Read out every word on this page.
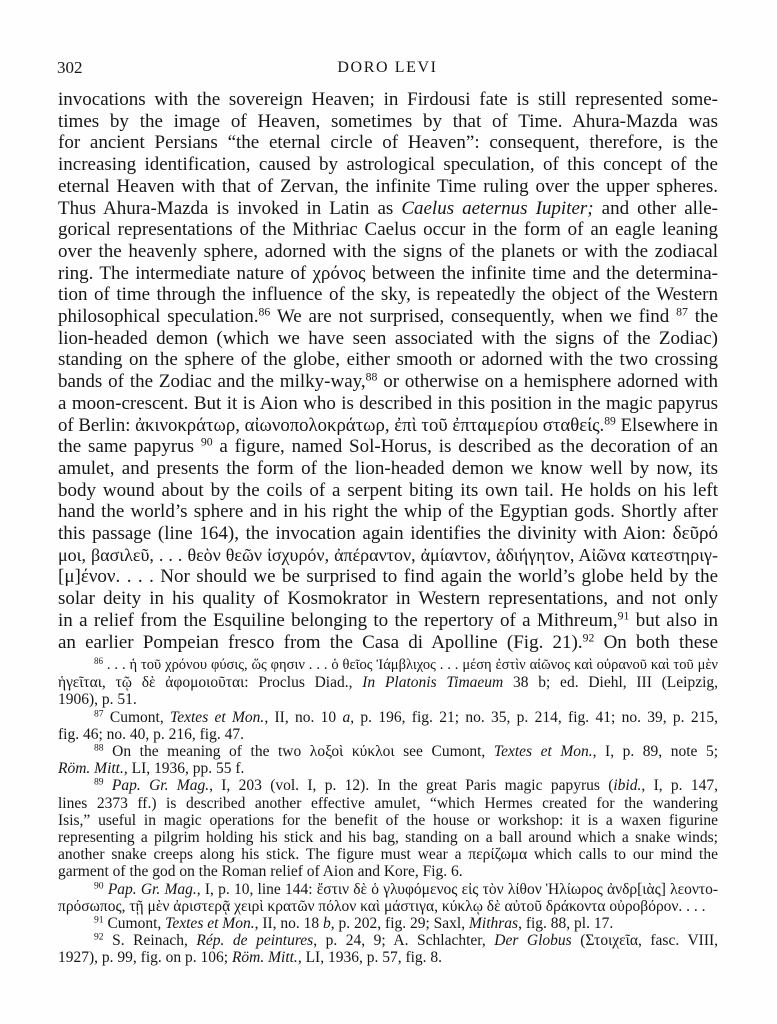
302	DORO LEVI
invocations with the sovereign Heaven; in Firdousi fate is still represented some-
times by the image of Heaven, sometimes by that of Time. Ahura-Mazda was
for ancient Persians “the eternal circle of Heaven”: consequent, therefore, is the
increasing identification, caused by astrological speculation, of this concept of the
eternal Heaven with that of Zervan, the infinite Time ruling over the upper spheres.
Thus Ahura-Mazda is invoked in Latin as Caelus aeternus Iupiter; and other alle-
gorical representations of the Mithriac Caelus occur in the form of an eagle leaning
over the heavenly sphere, adorned with the signs of the planets or with the zodiacal
ring. The intermediate nature of χρόνος between the infinite time and the determina-
tion of time through the influence of the sky, is repeatedly the object of the Western
philosophical speculation.$^{86}$ We are not surprised, consequently, when we find $^{87}$ the
lion-headed demon (which we have seen associated with the signs of the Zodiac)
standing on the sphere of the globe, either smooth or adorned with the two crossing
bands of the Zodiac and the milky-way,$^{88}$ or otherwise on a hemisphere adorned with
a moon-crescent. But it is Aion who is described in this position in the magic papyrus
of Berlin: ἀκινοκράτωρ, αἰωνοπολοκράτωρ, ἐπὶ τοῦ ἐπταμερίου σταθείς.$^{89}$ Elsewhere in
the same papyrus $^{90}$ a figure, named Sol-Horus, is described as the decoration of an
amulet, and presents the form of the lion-headed demon we know well by now, its
body wound about by the coils of a serpent biting its own tail. He holds on his left
hand the world’s sphere and in his right the whip of the Egyptian gods. Shortly after
this passage (line 164), the invocation again identifies the divinity with Aion: δεῦρό
μοι, βασιλεῦ, . . . θεὸν θεῶν ἰσχυρόν, ἀπέραντον, ἀμίαντον, ἀδιήγητον, Αἰῶνα κατεστηριγ-
[μ]ένον. . . . Nor should we be surprised to find again the world’s globe held by the
solar deity in his quality of Kosmokrator in Western representations, and not only
in a relief from the Esquiline belonging to the repertory of a Mithreum,$^{91}$ but also in
an earlier Pompeian fresco from the Casa di Apolline (Fig. 21).$^{92}$ On both these
$^{86}$ . . . ἡ τοῦ χρόνου φύσις, ὥς φησιν . . . ὁ θεῖος Ἰάμβλιχος . . . μέση ἐστὶν αἰῶνος καὶ οὐρανοῦ καὶ τοῦ μὲν
ἡγεῖται, τῷ δὲ ἀφομοιοῦται: Proclus Diad., In Platonis Timaeum 38 b; ed. Diehl, III (Leipzig,
1906), p. 51.
$^{87}$ Cumont, Textes et Mon., II, no. 10 a, p. 196, fig. 21; no. 35, p. 214, fig. 41; no. 39, p. 215,
fig. 46; no. 40, p. 216, fig. 47.
$^{88}$ On the meaning of the two λοξοὶ κύκλοι see Cumont, Textes et Mon., I, p. 89, note 5;
Röm. Mitt., LI, 1936, pp. 55 f.
$^{89}$ Pap. Gr. Mag., I, 203 (vol. I, p. 12). In the great Paris magic papyrus (ibid., I, p. 147,
lines 2373 ff.) is described another effective amulet, “which Hermes created for the wandering
Isis,” useful in magic operations for the benefit of the house or workshop: it is a waxen figurine
representing a pilgrim holding his stick and his bag, standing on a ball around which a snake winds;
another snake creeps along his stick. The figure must wear a περίζωμα which calls to our mind the
garment of the god on the Roman relief of Aion and Kore, Fig. 6.
$^{90}$ Pap. Gr. Mag., I, p. 10, line 144: ἔστιν δὲ ὁ γλυφόμενος εἰς τὸν λίθον Ἡλίωρος ἀνδρ[ιὰς] λεοντο-
πρόσωπος, τῇ μὲν ἀριστερᾷ χειρὶ κρατῶν πόλον καὶ μάστιγα, κύκλῳ δὲ αὐτοῦ δράκοντα οὐροβόρον. . . .
$^{91}$ Cumont, Textes et Mon., II, no. 18 b, p. 202, fig. 29; Saxl, Mithras, fig. 88, pl. 17.
$^{92}$ S. Reinach, Rép. de peintures, p. 24, 9; A. Schlachter, Der Globus (Στοιχεῖα, fasc. VIII,
1927), p. 99, fig. on p. 106; Röm. Mitt., LI, 1936, p. 57, fig. 8.
